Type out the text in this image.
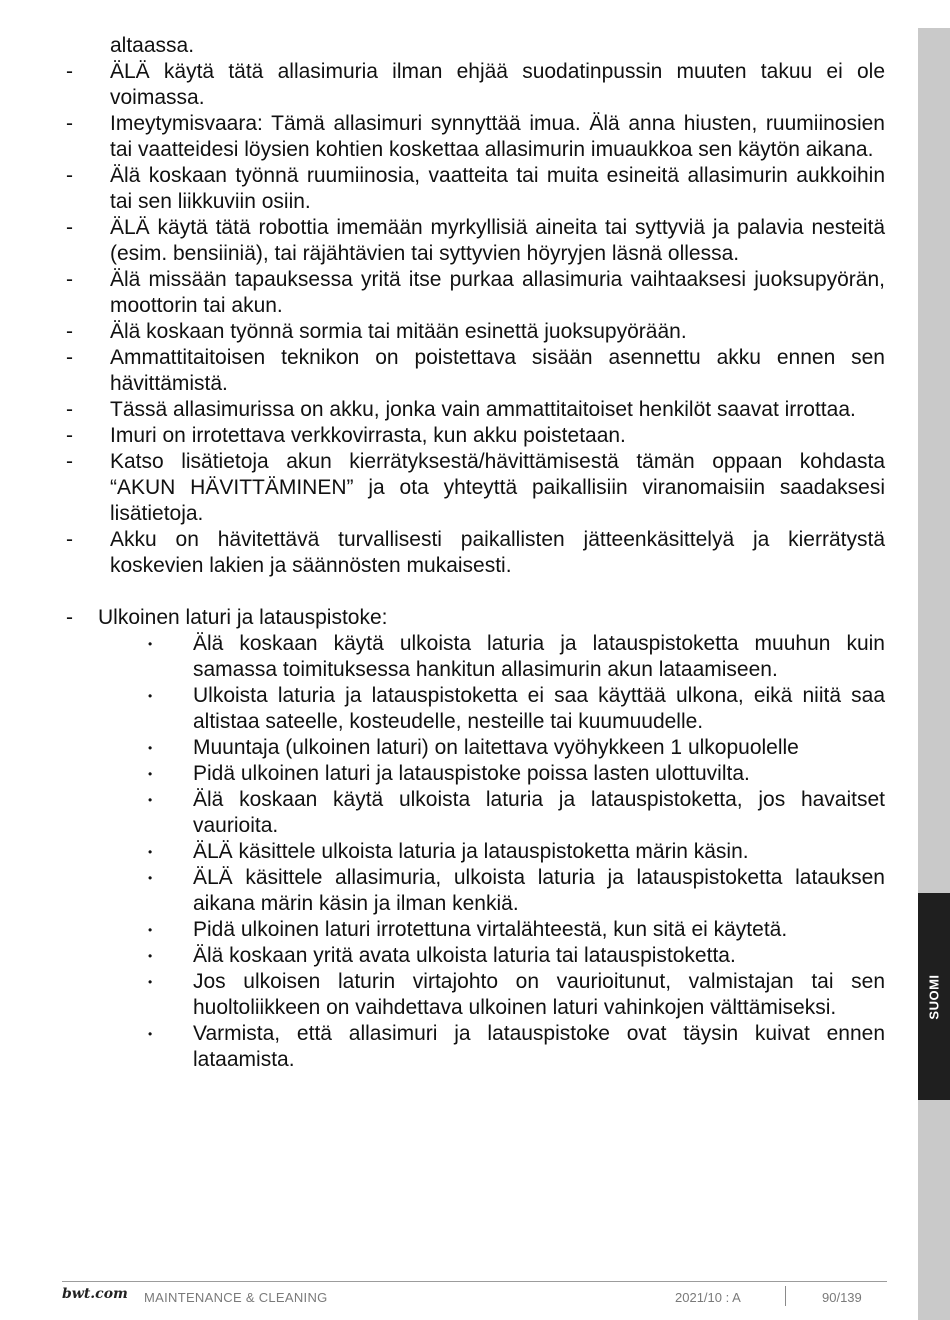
SUOMI
altaassa.
-	ÄLÄ käytä tätä allasimuria ilman ehjää suodatinpussin muuten takuu ei ole voimassa.
-	Imeytymisvaara: Tämä allasimuri synnyttää imua. Älä anna hiusten, ruumiinosien tai vaatteidesi löysien kohtien koskettaa allasimurin imuaukkoa sen käytön aikana.
-	Älä koskaan työnnä ruumiinosia, vaatteita tai muita esineitä allasimurin aukkoihin tai sen liikkuviin osiin.
-	ÄLÄ käytä tätä robottia imemään myrkyllisiä aineita tai syttyviä ja palavia nesteitä (esim. bensiiniä), tai räjähtävien tai syttyvien höyryjen läsnä ollessa.
-	Älä missään tapauksessa yritä itse purkaa allasimuria vaihtaaksesi juoksupyörän, moottorin tai akun.
-	Älä koskaan työnnä sormia tai mitään esinettä juoksupyörään.
-	Ammattitaitoisen teknikon on poistettava sisään asennettu akku ennen sen hävittämistä.
-	Tässä allasimurissa on akku, jonka vain ammattitaitoiset henkilöt saavat irrottaa.
-	Imuri on irrotettava verkkovirrasta, kun akku poistetaan.
-	Katso lisätietoja akun kierrätyksestä/hävittämisestä tämän oppaan kohdasta “AKUN HÄVITTÄMINEN” ja ota yhteyttä paikallisiin viranomaisiin saadaksesi lisätietoja.
-	Akku on hävitettävä turvallisesti paikallisten jätteenkäsittelyä ja kierrätystä koskevien lakien ja säännösten mukaisesti.
-	Ulkoinen laturi ja latauspistoke:
•	Älä koskaan käytä ulkoista laturia ja latauspistoketta muuhun kuin samassa toimituksessa hankitun allasimurin akun lataamiseen.
•	Ulkoista laturia ja latauspistoketta ei saa käyttää ulkona, eikä niitä saa altistaa sateelle, kosteudelle, nesteille tai kuumuudelle.
•	Muuntaja (ulkoinen laturi) on laitettava vyöhykkeen 1 ulkopuolelle
•	Pidä ulkoinen laturi ja latauspistoke poissa lasten ulottuvilta.
•	Älä koskaan käytä ulkoista laturia ja latauspistoketta, jos havaitset vaurioita.
•	ÄLÄ käsittele ulkoista laturia ja latauspistoketta märin käsin.
•	ÄLÄ käsittele allasimuria, ulkoista laturia ja latauspistoketta latauksen aikana märin käsin ja ilman kenkiä.
•	Pidä ulkoinen laturi irrotettuna virtalähteestä, kun sitä ei käytetä.
•	Älä koskaan yritä avata ulkoista laturia tai latauspistoketta.
•	Jos ulkoisen laturin virtajohto on vaurioitunut, valmistajan tai sen huoltoliikkeen on vaihdettava ulkoinen laturi vahinkojen välttämiseksi.
•	Varmista, että allasimuri ja latauspistoke ovat täysin kuivat ennen lataamista.
bwt.com MAINTENANCE & CLEANING	2021/10 : A	90/139
